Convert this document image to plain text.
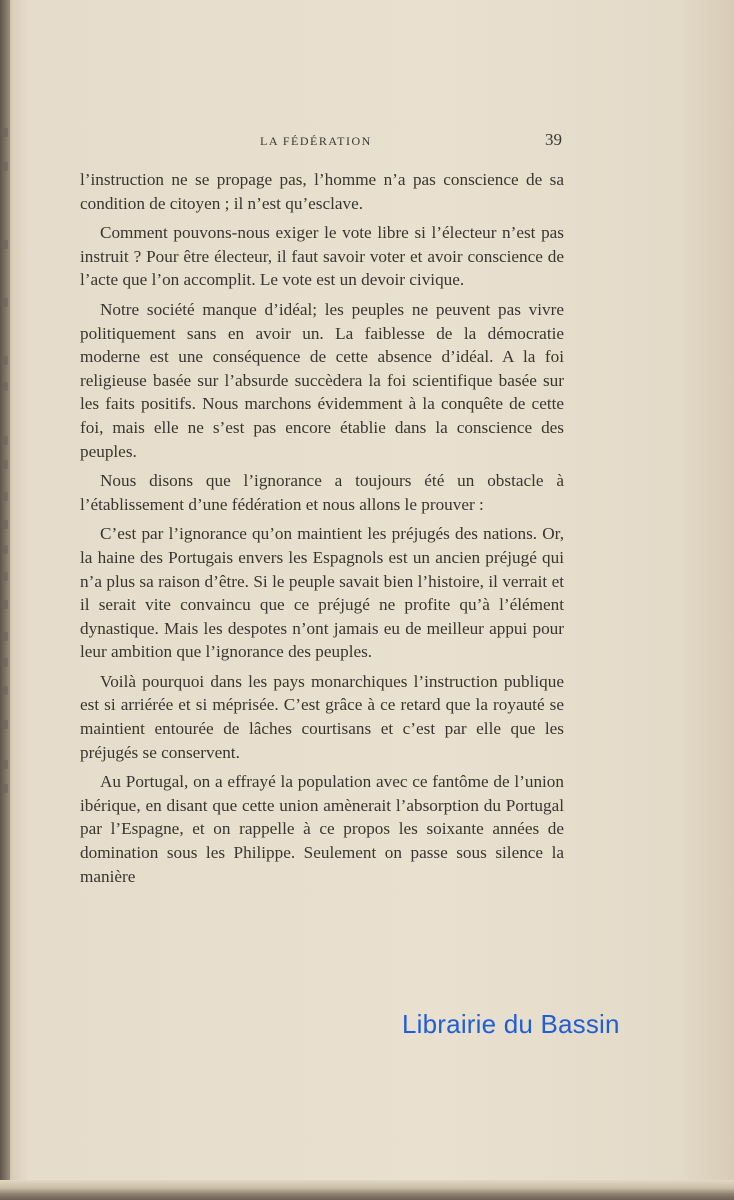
LA FÉDÉRATION	39

l’instruction ne se propage pas, l’homme n’a pas conscience de sa condition de citoyen ; il n’est qu’esclave.

Comment pouvons-nous exiger le vote libre si l’électeur n’est pas instruit ? Pour être électeur, il faut savoir voter et avoir conscience de l’acte que l’on accomplit. Le vote est un devoir civique.

Notre société manque d’idéal; les peuples ne peuvent pas vivre politiquement sans en avoir un. La faiblesse de la démocratie moderne est une conséquence de cette absence d’idéal. A la foi religieuse basée sur l’absurde succèdera la foi scientifique basée sur les faits positifs. Nous marchons évidemment à la conquête de cette foi, mais elle ne s’est pas encore établie dans la conscience des peuples.

Nous disons que l’ignorance a toujours été un obstacle à l’établissement d’une fédération et nous allons le prouver :

C’est par l’ignorance qu’on maintient les préjugés des nations. Or, la haine des Portugais envers les Espagnols est un ancien préjugé qui n’a plus sa raison d’être. Si le peuple savait bien l’histoire, il verrait et il serait vite convaincu que ce préjugé ne profite qu’à l’élément dynastique. Mais les despotes n’ont jamais eu de meilleur appui pour leur ambition que l’ignorance des peuples.

Voilà pourquoi dans les pays monarchiques l’instruction publique est si arriérée et si méprisée. C’est grâce à ce retard que la royauté se maintient entourée de lâches courtisans et c’est par elle que les préjugés se conservent.

Au Portugal, on a effrayé la population avec ce fantôme de l’union ibérique, en disant que cette union amènerait l’absorption du Portugal par l’Espagne, et on rappelle à ce propos les soixante années de domination sous les Philippe. Seulement on passe sous silence la manière

Librairie du Bassin
